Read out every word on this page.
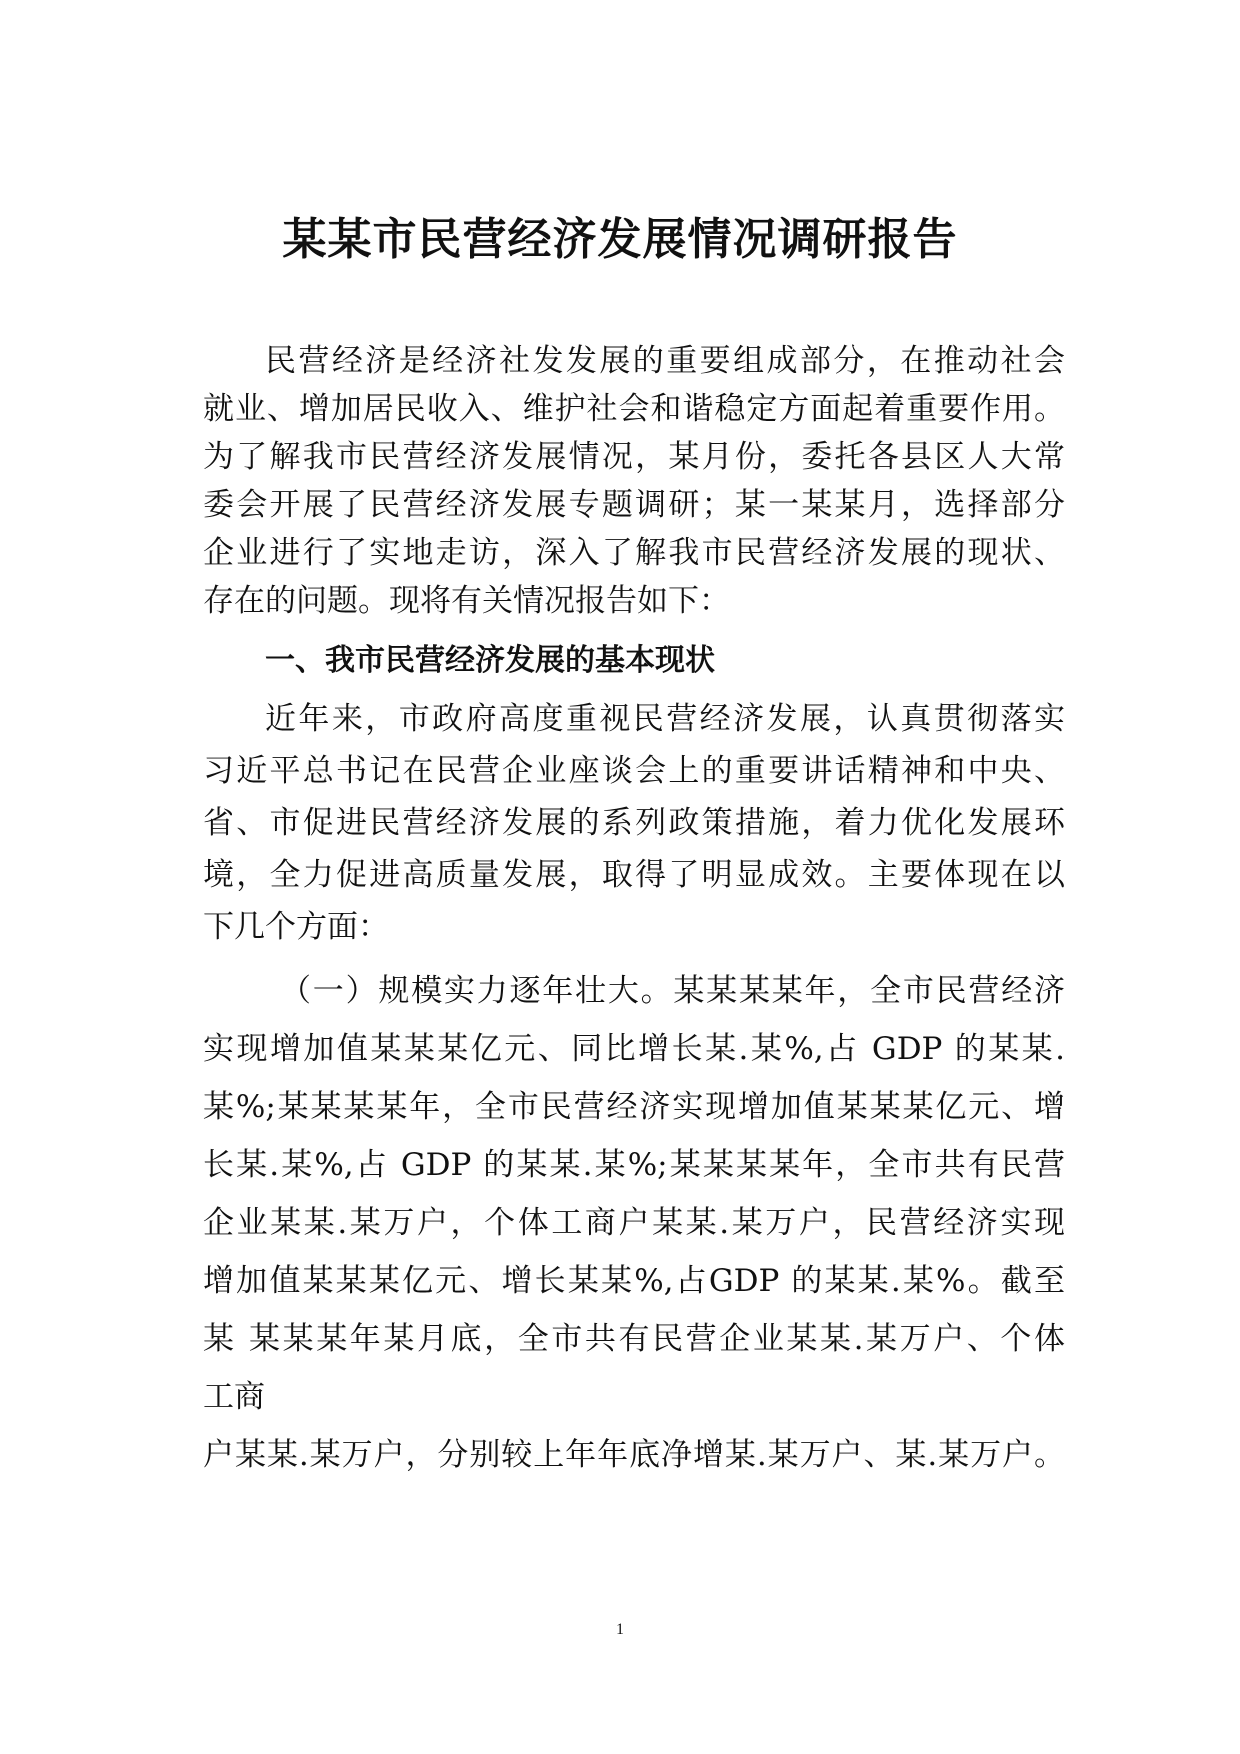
某某市民营经济发展情况调研报告

民营经济是经济社发发展的重要组成部分，在推动社会

就业、增加居民收入、维护社会和谐稳定方面起着重要作用。

为了解我市民营经济发展情况，某月份，委托各县区人大常

委会开展了民营经济发展专题调研；某一某某月，选择部分

企业进行了实地走访，深入了解我市民营经济发展的现状、

存在的问题。现将有关情况报告如下：

一、我市民营经济发展的基本现状

近年来，市政府高度重视民营经济发展，认真贯彻落实

习近平总书记在民营企业座谈会上的重要讲话精神和中央、

省、市促进民营经济发展的系列政策措施，着力优化发展环

境，全力促进高质量发展，取得了明显成效。主要体现在以

下几个方面：

（一）规模实力逐年壮大。某某某某年，全市民营经济

实现增加值某某某亿元、同比增长某.某%,占 GDP 的某某.

某%;某某某某年，全市民营经济实现增加值某某某亿元、增

长某.某%,占 GDP 的某某.某%;某某某某年，全市共有民营

企业某某.某万户，个体工商户某某.某万户，民营经济实现

增加值某某某亿元、增长某某%,占GDP 的某某.某%。截至

某 某某某年某月底，全市共有民营企业某某.某万户、个体

工商

户某某.某万户，分别较上年年底净增某.某万户、某.某万户。

1
